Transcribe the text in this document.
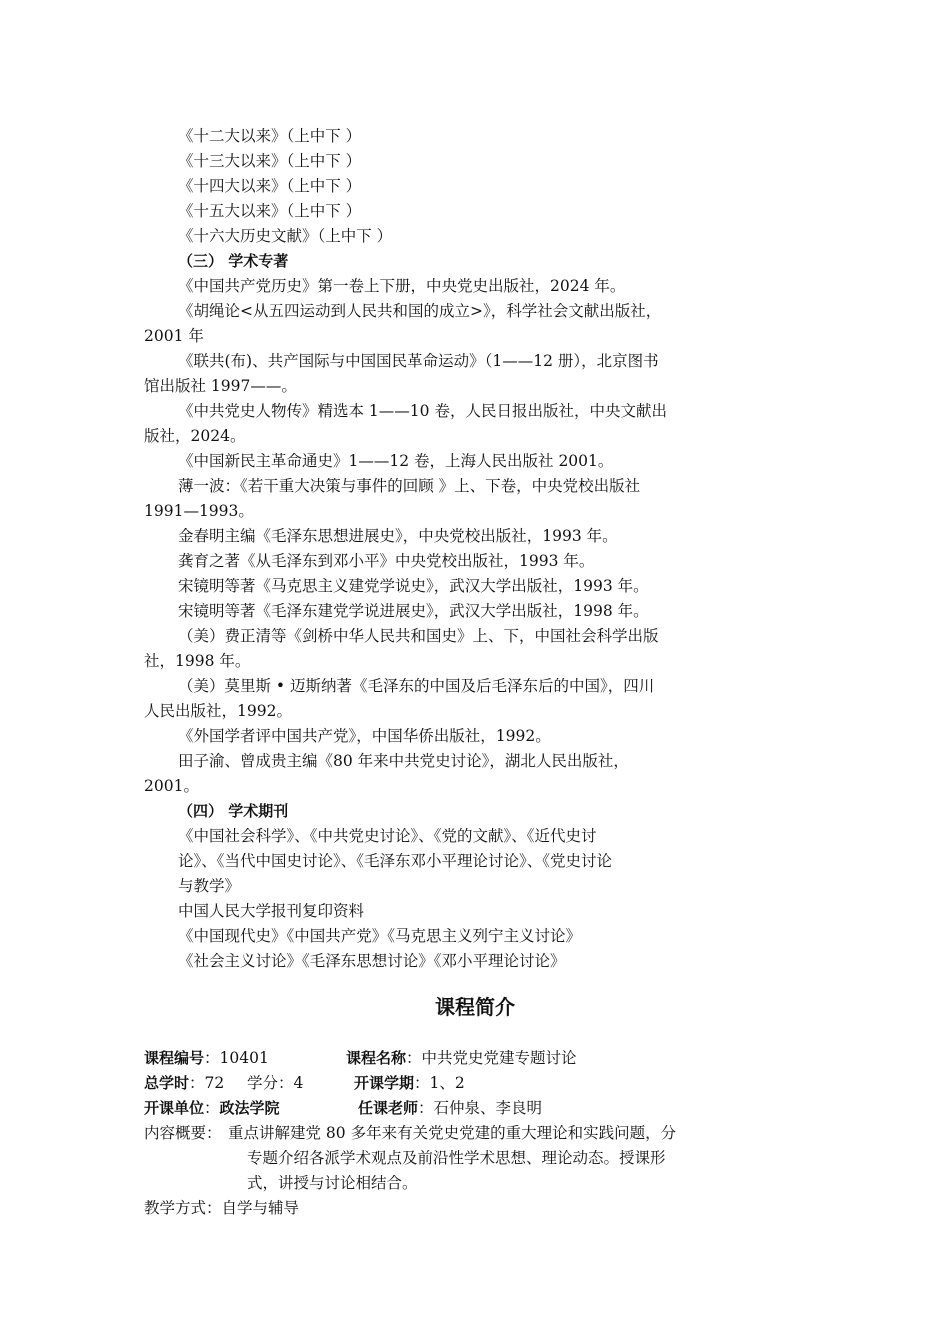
《十二大以来》（上中下 ）
《十三大以来》（上中下 ）
《十四大以来》（上中下 ）
《十五大以来》（上中下 ）
《十六大历史文献》（上中下 ）
（三） 学术专著
《中国共产党历史》第一卷上下册，中央党史出版社，2024 年。
《胡绳论<从五四运动到人民共和国的成立>》，科学社会文献出版社，
2001 年
《联共(布)、共产国际与中国国民革命运动》（1——12 册），北京图书
馆出版社 1997——。
《中共党史人物传》精选本 1——10 卷，人民日报出版社，中央文献出
版社，2024。
《中国新民主革命通史》1——12 卷，上海人民出版社 2001。
薄一波：《若干重大决策与事件的回顾 》上、下卷，中央党校出版社
1991—1993。
金春明主编《毛泽东思想进展史》，中央党校出版社，1993 年。
龚育之著《从毛泽东到邓小平》中央党校出版社，1993 年。
宋镜明等著《马克思主义建党学说史》，武汉大学出版社，1993 年。
宋镜明等著《毛泽东建党学说进展史》，武汉大学出版社，1998 年。
（美）费正清等《剑桥中华人民共和国史》上、下，中国社会科学出版
社，1998 年。
（美）莫里斯 • 迈斯纳著《毛泽东的中国及后毛泽东后的中国》，四川
人民出版社，1992。
《外国学者评中国共产党》，中国华侨出版社，1992。
田子渝、曾成贵主编《80 年来中共党史讨论》，湖北人民出版社，
2001。
（四） 学术期刊
《中国社会科学》、《中共党史讨论》、《党的文献》、《近代史讨
论》、《当代中国史讨论》、《毛泽东邓小平理论讨论》、《党史讨论
与教学》
中国人民大学报刊复印资料
《中国现代史》《中国共产党》《马克思主义列宁主义讨论》
《社会主义讨论》《毛泽东思想讨论》《邓小平理论讨论》
课程简介
课程编号：10401	课程名称：中共党史党建专题讨论
总学时：72 学分：4	开课学期：1、2
开课单位：政法学院	任课老师：石仲泉、李良明
内容概要： 重点讲解建党 80 多年来有关党史党建的重大理论和实践问题，分
专题介绍各派学术观点及前沿性学术思想、理论动态。授课形
式，讲授与讨论相结合。
教学方式：自学与辅导
